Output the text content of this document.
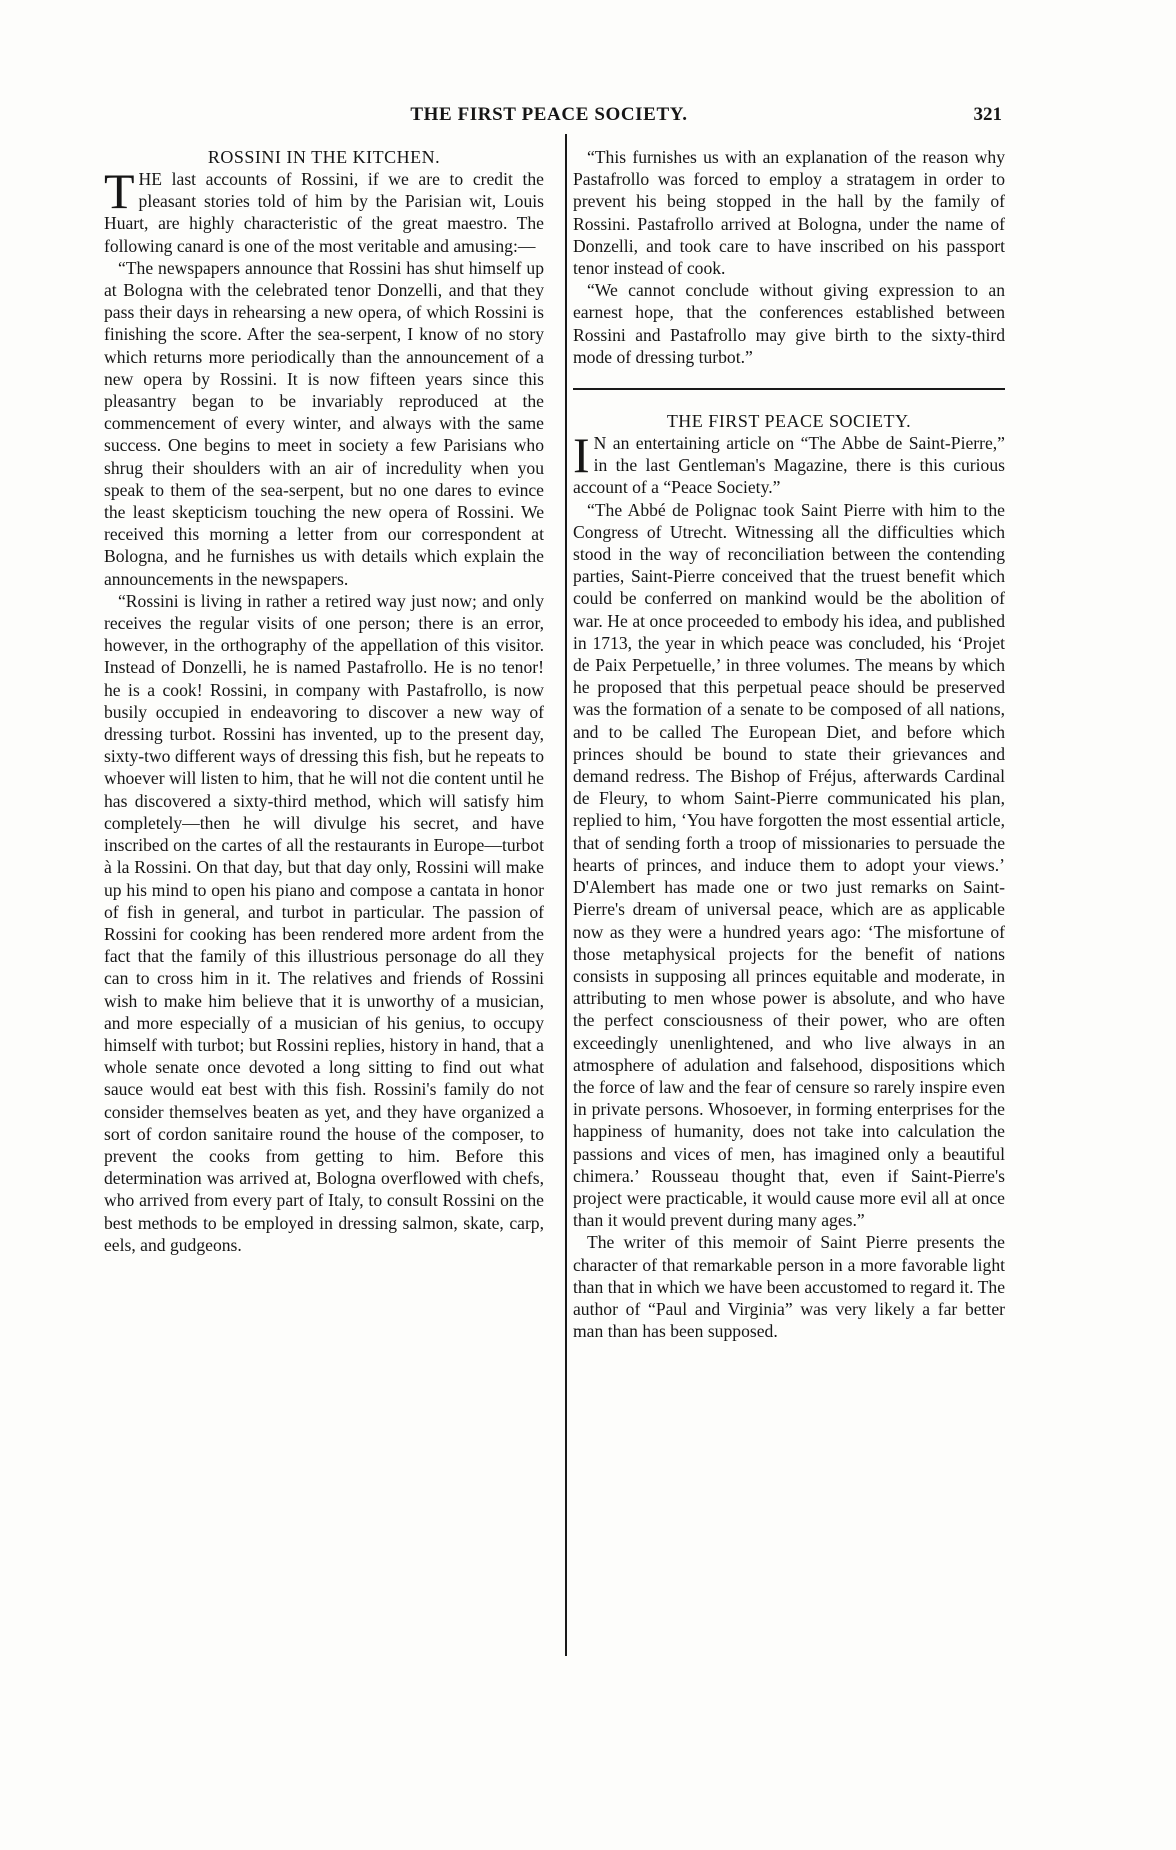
THE FIRST PEACE SOCIETY.	321
ROSSINI IN THE KITCHEN.

THE last accounts of Rossini, if we are to credit the pleasant stories told of him by the Parisian wit, Louis Huart, are highly characteristic of the great maestro. The following canard is one of the most veritable and amusing:—

“The newspapers announce that Rossini has shut himself up at Bologna with the celebrated tenor Donzelli, and that they pass their days in rehearsing a new opera, of which Rossini is finishing the score. After the sea-serpent, I know of no story which returns more periodically than the announcement of a new opera by Rossini. It is now fifteen years since this pleasantry began to be invariably reproduced at the commencement of every winter, and always with the same success. One begins to meet in society a few Parisians who shrug their shoulders with an air of incredulity when you speak to them of the sea-serpent, but no one dares to evince the least skepticism touching the new opera of Rossini. We received this morning a letter from our correspondent at Bologna, and he furnishes us with details which explain the announcements in the newspapers.

“Rossini is living in rather a retired way just now; and only receives the regular visits of one person; there is an error, however, in the orthography of the appellation of this visitor. Instead of Donzelli, he is named Pastafrollo. He is no tenor! he is a cook! Rossini, in company with Pastafrollo, is now busily occupied in endeavoring to discover a new way of dressing turbot. Rossini has invented, up to the present day, sixty-two different ways of dressing this fish, but he repeats to whoever will listen to him, that he will not die content until he has discovered a sixty-third method, which will satisfy him completely—then he will divulge his secret, and have inscribed on the cartes of all the restaurants in Europe—turbot à la Rossini. On that day, but that day only, Rossini will make up his mind to open his piano and compose a cantata in honor of fish in general, and turbot in particular. The passion of Rossini for cooking has been rendered more ardent from the fact that the family of this illustrious personage do all they can to cross him in it. The relatives and friends of Rossini wish to make him believe that it is unworthy of a musician, and more especially of a musician of his genius, to occupy himself with turbot; but Rossini replies, history in hand, that a whole senate once devoted a long sitting to find out what sauce would eat best with this fish. Rossini's family do not consider themselves beaten as yet, and they have organized a sort of cordon sanitaire round the house of the composer, to prevent the cooks from getting to him. Before this determination was arrived at, Bologna overflowed with chefs, who arrived from every part of Italy, to consult Rossini on the best methods to be employed in dressing salmon, skate, carp, eels, and gudgeons.

“This furnishes us with an explanation of the reason why Pastafrollo was forced to employ a stratagem in order to prevent his being stopped in the hall by the family of Rossini. Pastafrollo arrived at Bologna, under the name of Donzelli, and took care to have inscribed on his passport tenor instead of cook.

“We cannot conclude without giving expression to an earnest hope, that the conferences established between Rossini and Pastafrollo may give birth to the sixty-third mode of dressing turbot.”

THE FIRST PEACE SOCIETY.

I N an entertaining article on “The Abbe de Saint-Pierre,” in the last Gentleman's Magazine, there is this curious account of a “Peace Society.”

“The Abbé de Polignac took Saint Pierre with him to the Congress of Utrecht. Witnessing all the difficulties which stood in the way of reconciliation between the contending parties, Saint-Pierre conceived that the truest benefit which could be conferred on mankind would be the abolition of war. He at once proceeded to embody his idea, and published in 1713, the year in which peace was concluded, his ‘Projet de Paix Perpetuelle,’ in three volumes. The means by which he proposed that this perpetual peace should be preserved was the formation of a senate to be composed of all nations, and to be called The European Diet, and before which princes should be bound to state their grievances and demand redress. The Bishop of Fréjus, afterwards Cardinal de Fleury, to whom Saint-Pierre communicated his plan, replied to him, ‘You have forgotten the most essential article, that of sending forth a troop of missionaries to persuade the hearts of princes, and induce them to adopt your views.’ D'Alembert has made one or two just remarks on Saint-Pierre's dream of universal peace, which are as applicable now as they were a hundred years ago: ‘The misfortune of those metaphysical projects for the benefit of nations consists in supposing all princes equitable and moderate, in attributing to men whose power is absolute, and who have the perfect consciousness of their power, who are often exceedingly unenlightened, and who live always in an atmosphere of adulation and falsehood, dispositions which the force of law and the fear of censure so rarely inspire even in private persons. Whosoever, in forming enterprises for the happiness of humanity, does not take into calculation the passions and vices of men, has imagined only a beautiful chimera.’ Rousseau thought that, even if Saint-Pierre's project were practicable, it would cause more evil all at once than it would prevent during many ages.”

The writer of this memoir of Saint Pierre presents the character of that remarkable person in a more favorable light than that in which we have been accustomed to regard it. The author of “Paul and Virginia” was very likely a far better man than has been supposed.
